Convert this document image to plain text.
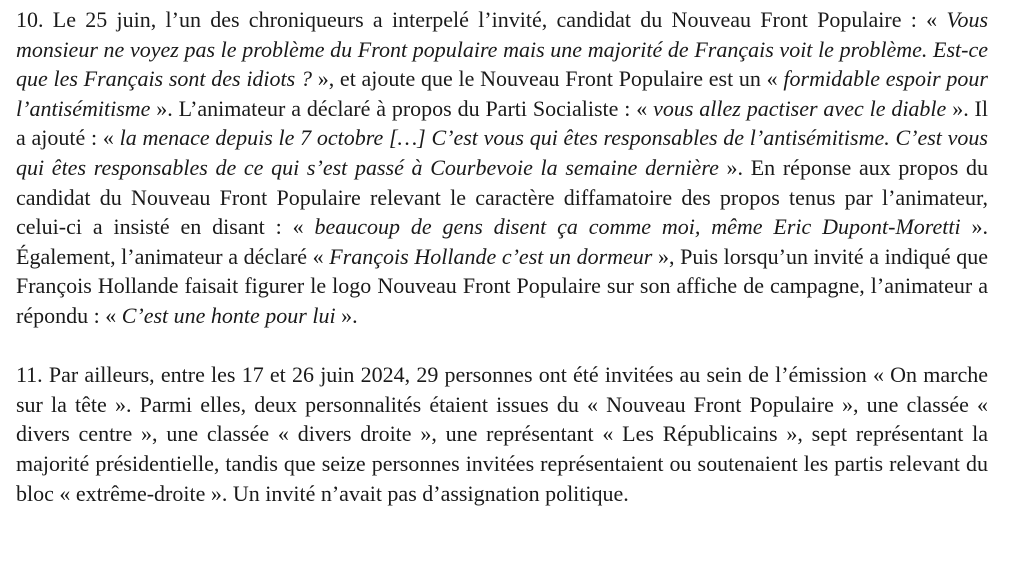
10. Le 25 juin, l’un des chroniqueurs a interpelé l’invité, candidat du Nouveau Front Populaire : « Vous monsieur ne voyez pas le problème du Front populaire mais une majorité de Français voit le problème. Est-ce que les Français sont des idiots ? », et ajoute que le Nouveau Front Populaire est un « formidable espoir pour l’antisémitisme ». L’animateur a déclaré à propos du Parti Socialiste : « vous allez pactiser avec le diable ». Il a ajouté : « la menace depuis le 7 octobre […] C’est vous qui êtes responsables de l’antisémitisme. C’est vous qui êtes responsables de ce qui s’est passé à Courbevoie la semaine dernière ». En réponse aux propos du candidat du Nouveau Front Populaire relevant le caractère diffamatoire des propos tenus par l’animateur, celui-ci a insisté en disant : « beaucoup de gens disent ça comme moi, même Eric Dupont-Moretti ». Également, l’animateur a déclaré « François Hollande c’est un dormeur », Puis lorsqu’un invité a indiqué que François Hollande faisait figurer le logo Nouveau Front Populaire sur son affiche de campagne, l’animateur a répondu : « C’est une honte pour lui ».

11. Par ailleurs, entre les 17 et 26 juin 2024, 29 personnes ont été invitées au sein de l’émission « On marche sur la tête ». Parmi elles, deux personnalités étaient issues du « Nouveau Front Populaire », une classée « divers centre », une classée « divers droite », une représentant « Les Républicains », sept représentant la majorité présidentielle, tandis que seize personnes invitées représentaient ou soutenaient les partis relevant du bloc « extrême-droite ». Un invité n’avait pas d’assignation politique.
